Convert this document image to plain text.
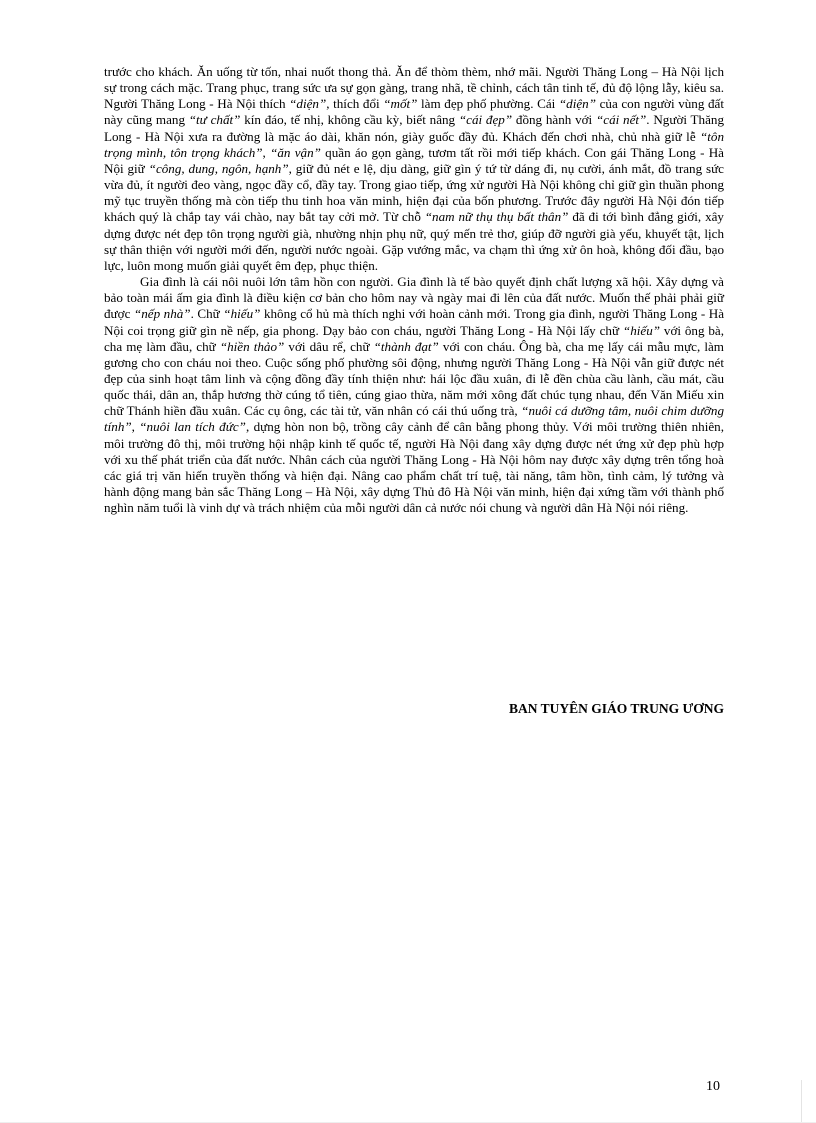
trước cho khách. Ăn uống từ tốn, nhai nuốt thong thả. Ăn để thòm thèm, nhớ mãi. Người Thăng Long – Hà Nội lịch sự trong cách mặc. Trang phục, trang sức ưa sự gọn gàng, trang nhã, tề chỉnh, cách tân tinh tế, đủ độ lộng lẫy, kiêu sa. Người Thăng Long - Hà Nội thích “diện”, thích đổi “mốt” làm đẹp phố phường. Cái “diện” của con người vùng đất này cũng mang “tư chất” kín đáo, tế nhị, không cầu kỳ, biết nâng “cái đẹp” đồng hành với “cái nết”. Người Thăng Long - Hà Nội xưa ra đường là mặc áo dài, khăn nón, giày guốc đầy đủ. Khách đến chơi nhà, chủ nhà giữ lễ “tôn trọng mình, tôn trọng khách”, “ăn vận” quần áo gọn gàng, tươm tất rồi mới tiếp khách. Con gái Thăng Long - Hà Nội giữ “công, dung, ngôn, hạnh”, giữ đủ nét e lệ, dịu dàng, giữ gìn ý tứ từ dáng đi, nụ cười, ánh mắt, đồ trang sức vừa đủ, ít người đeo vàng, ngọc đầy cổ, đầy tay. Trong giao tiếp, ứng xử người Hà Nội không chỉ giữ gìn thuần phong mỹ tục truyền thống mà còn tiếp thu tinh hoa văn minh, hiện đại của bốn phương. Trước đây người Hà Nội đón tiếp khách quý là chắp tay vái chào, nay bắt tay cởi mở. Từ chỗ “nam nữ thụ thụ bất thân” đã đi tới bình đẳng giới, xây dựng được nét đẹp tôn trọng người già, nhường nhịn phụ nữ, quý mến trẻ thơ, giúp đỡ người già yếu, khuyết tật, lịch sự thân thiện với người mới đến, người nước ngoài. Gặp vướng mắc, va chạm thì ứng xử ôn hoà, không đối đầu, bạo lực, luôn mong muốn giải quyết êm đẹp, phục thiện.

Gia đình là cái nôi nuôi lớn tâm hồn con người. Gia đình là tế bào quyết định chất lượng xã hội. Xây dựng và bảo toàn mái ấm gia đình là điều kiện cơ bản cho hôm nay và ngày mai đi lên của đất nước. Muốn thế phải phải giữ được “nếp nhà”. Chữ “hiếu” không cổ hủ mà thích nghi với hoàn cảnh mới. Trong gia đình, người Thăng Long - Hà Nội coi trọng giữ gìn nề nếp, gia phong. Dạy bảo con cháu, người Thăng Long - Hà Nội lấy chữ “hiếu” với ông bà, cha mẹ làm đầu, chữ “hiền thảo” với dâu rể, chữ “thành đạt” với con cháu. Ông bà, cha mẹ lấy cái mẫu mực, làm gương cho con cháu noi theo. Cuộc sống phố phường sôi động, nhưng người Thăng Long - Hà Nội vẫn giữ được nét đẹp của sinh hoạt tâm linh và cộng đồng đầy tính thiện như: hái lộc đầu xuân, đi lễ đền chùa cầu lành, cầu mát, cầu quốc thái, dân an, thắp hương thờ cúng tổ tiên, cúng giao thừa, năm mới xông đất chúc tụng nhau, đến Văn Miếu xin chữ Thánh hiền đầu xuân. Các cụ ông, các tài tử, văn nhân có cái thú uống trà, “nuôi cá dưỡng tâm, nuôi chim dưỡng tính”, “nuôi lan tích đức”, dựng hòn non bộ, trồng cây cảnh để cân bằng phong thủy. Với môi trường thiên nhiên, môi trường đô thị, môi trường hội nhập kinh tế quốc tế, người Hà Nội đang xây dựng được nét ứng xử đẹp phù hợp với xu thế phát triển của đất nước. Nhân cách của người Thăng Long - Hà Nội hôm nay được xây dựng trên tổng hoà các giá trị văn hiến truyền thống và hiện đại. Nâng cao phẩm chất trí tuệ, tài năng, tâm hồn, tình cảm, lý tưởng và hành động mang bản sắc Thăng Long – Hà Nội, xây dựng Thủ đô Hà Nội văn minh, hiện đại xứng tầm với thành phố nghìn năm tuổi là vinh dự và trách nhiệm của mỗi người dân cả nước nói chung và người dân Hà Nội nói riêng.

BAN TUYÊN GIÁO TRUNG ƯƠNG
10
